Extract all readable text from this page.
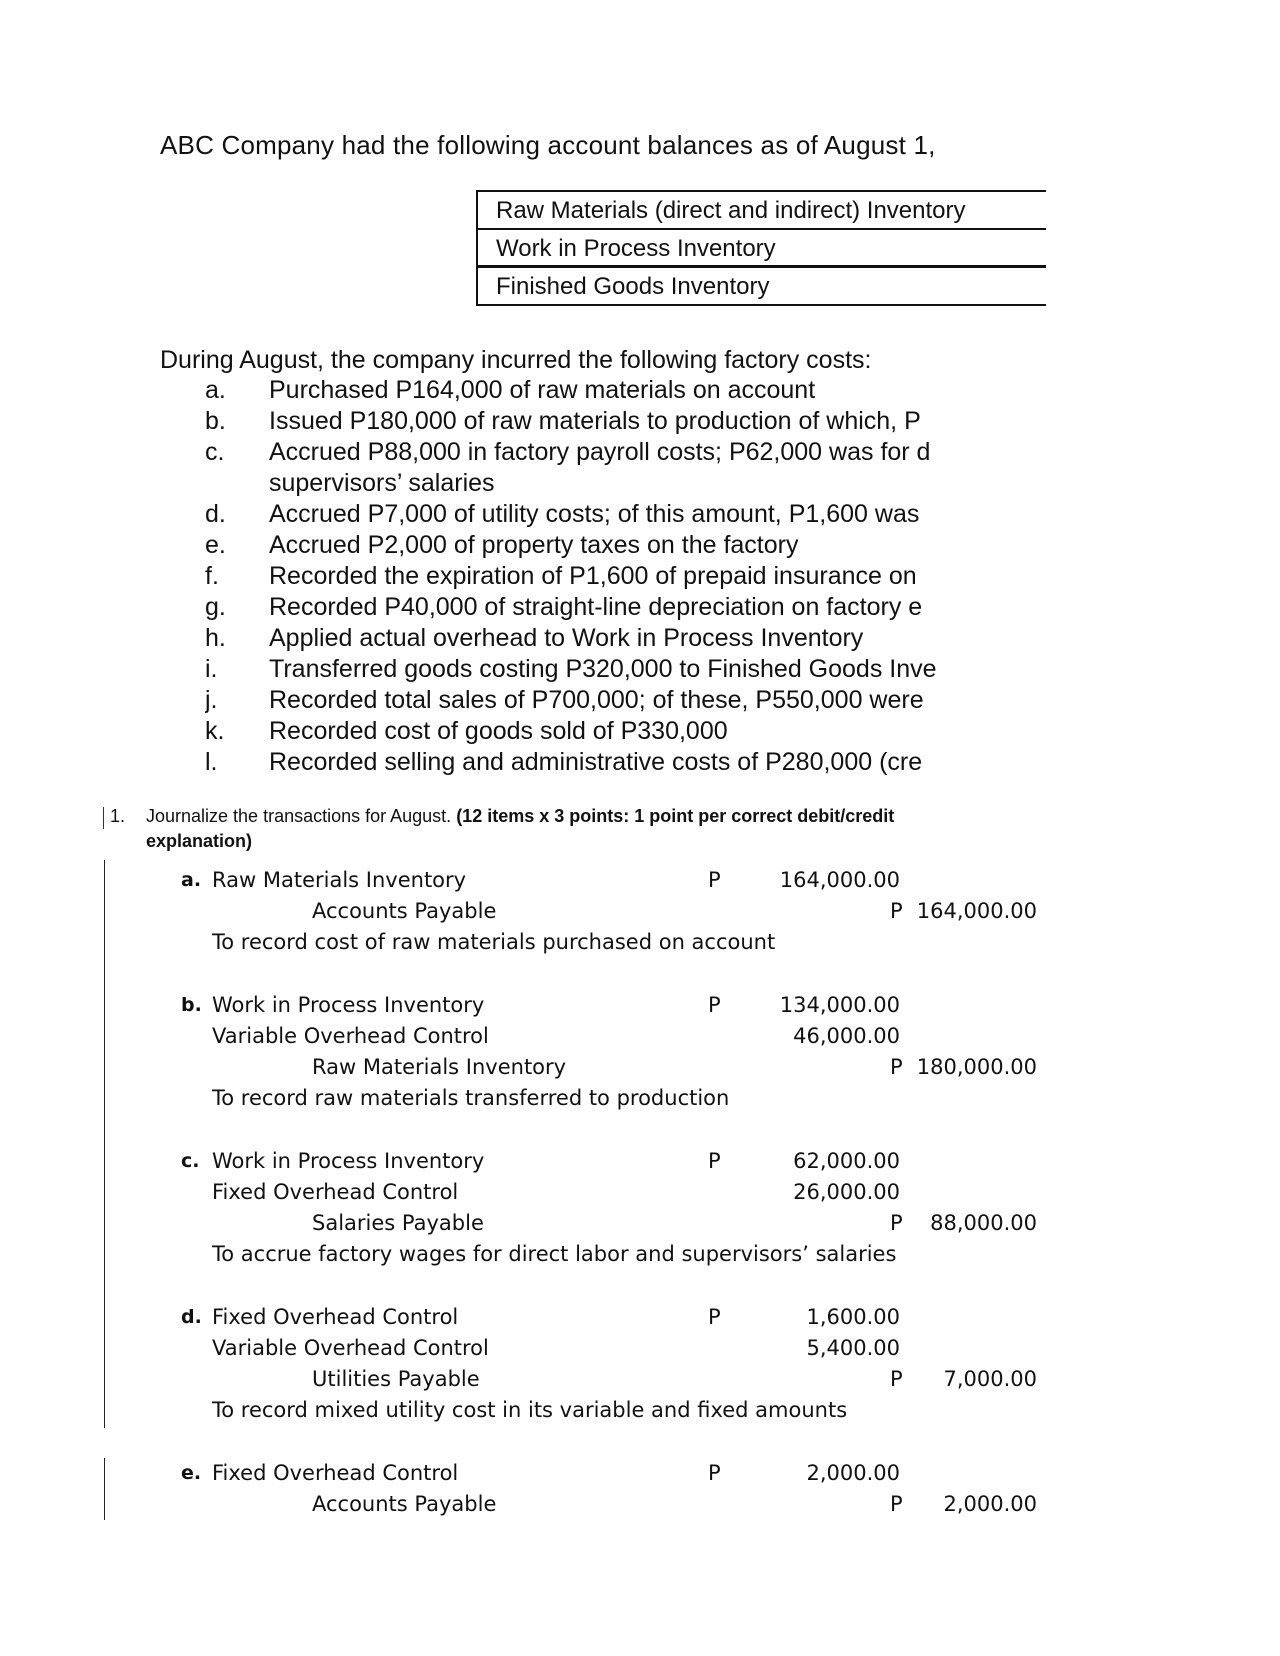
ABC Company had the following account balances as of August 1,
Raw Materials (direct and indirect) Inventory
Work in Process Inventory
Finished Goods Inventory
During August, the company incurred the following factory costs:
a.	Purchased P164,000 of raw materials on account
b.	Issued P180,000 of raw materials to production of which, P
c.	Accrued P88,000 in factory payroll costs; P62,000 was for d
supervisors’ salaries
d.	Accrued P7,000 of utility costs; of this amount, P1,600 was
e.	Accrued P2,000 of property taxes on the factory
f.	Recorded the expiration of P1,600 of prepaid insurance on
g.	Recorded P40,000 of straight-line depreciation on factory e
h.	Applied actual overhead to Work in Process Inventory
i.	Transferred goods costing P320,000 to Finished Goods Inve
j.	Recorded total sales of P700,000; of these, P550,000 were
k.	Recorded cost of goods sold of P330,000
l.	Recorded selling and administrative costs of P280,000 (cre
1. Journalize the transactions for August. (12 items x 3 points: 1 point per correct debit/credit
explanation)
a. Raw Materials Inventory	P	164,000.00
Accounts Payable	P 164,000.00
To record cost of raw materials purchased on account
b. Work in Process Inventory	P	134,000.00
Variable Overhead Control	46,000.00
Raw Materials Inventory	P 180,000.00
To record raw materials transferred to production
c. Work in Process Inventory	P	62,000.00
Fixed Overhead Control	26,000.00
Salaries Payable	P	88,000.00
To accrue factory wages for direct labor and supervisors’ salaries
d. Fixed Overhead Control	P	1,600.00
Variable Overhead Control	5,400.00
Utilities Payable	P	7,000.00
To record mixed utility cost in its variable and fixed amounts
e. Fixed Overhead Control	P	2,000.00
Accounts Payable	P	2,000.00
